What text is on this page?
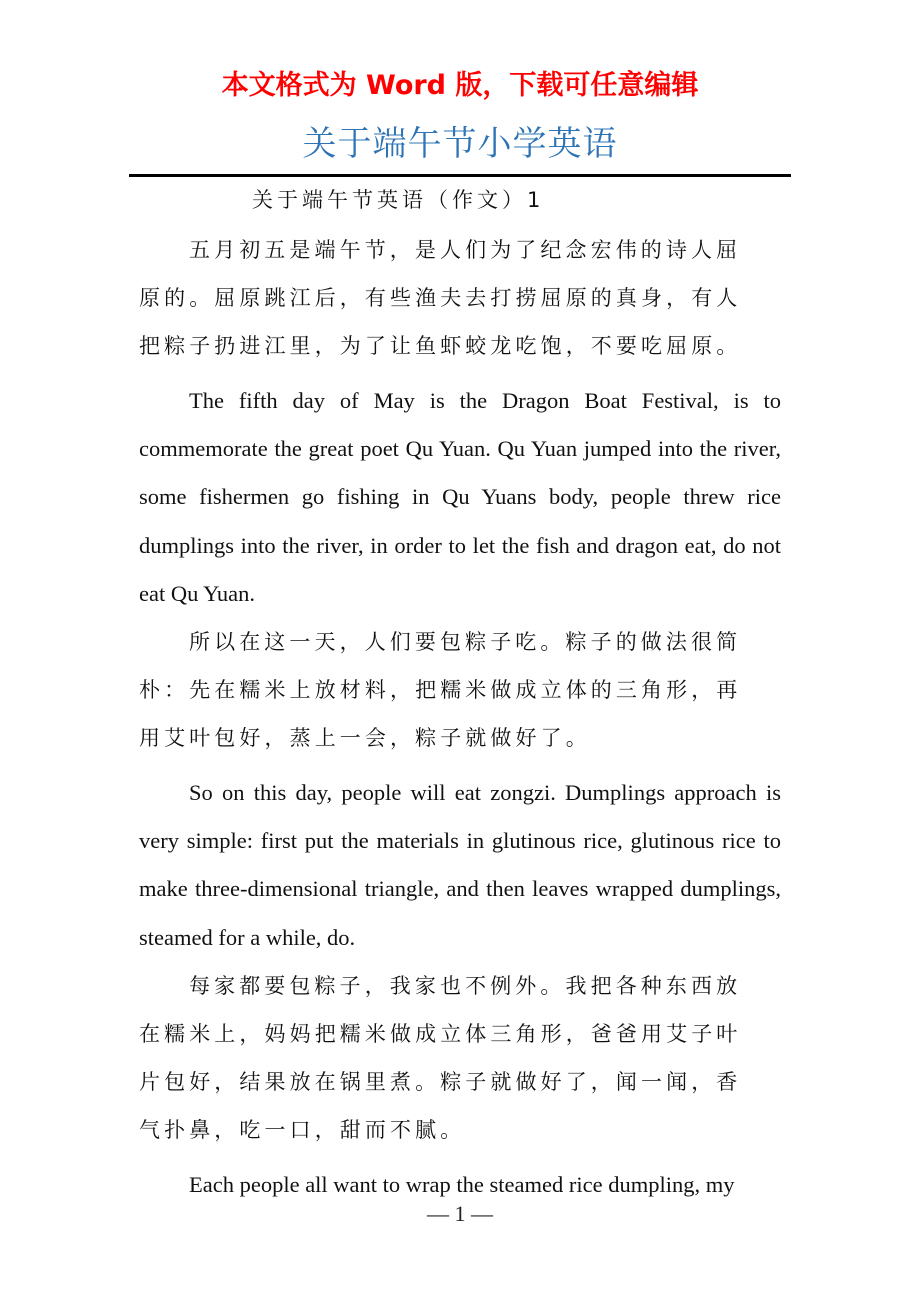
本文格式为 Word 版，下载可任意编辑
关于端午节小学英语
关于端午节英语（作文）1

五月初五是端午节，是人们为了纪念宏伟的诗人屈原的。屈原跳江后，有些渔夫去打捞屈原的真身，有人把粽子扔进江里，为了让鱼虾蛟龙吃饱，不要吃屈原。

The fifth day of May is the Dragon Boat Festival, is to commemorate the great poet Qu Yuan. Qu Yuan jumped into the river, some fishermen go fishing in Qu Yuans body, people threw rice dumplings into the river, in order to let the fish and dragon eat, do not eat Qu Yuan.

所以在这一天，人们要包粽子吃。粽子的做法很简朴：先在糯米上放材料，把糯米做成立体的三角形，再用艾叶包好，蒸上一会，粽子就做好了。

So on this day, people will eat zongzi. Dumplings approach is very simple: first put the materials in glutinous rice, glutinous rice to make three-dimensional triangle, and then leaves wrapped dumplings, steamed for a while, do.

每家都要包粽子，我家也不例外。我把各种东西放在糯米上，妈妈把糯米做成立体三角形，爸爸用艾子叶片包好，结果放在锅里煮。粽子就做好了，闻一闻，香气扑鼻，吃一口，甜而不腻。

Each people all want to wrap the steamed rice dumpling, my

— 1 —
